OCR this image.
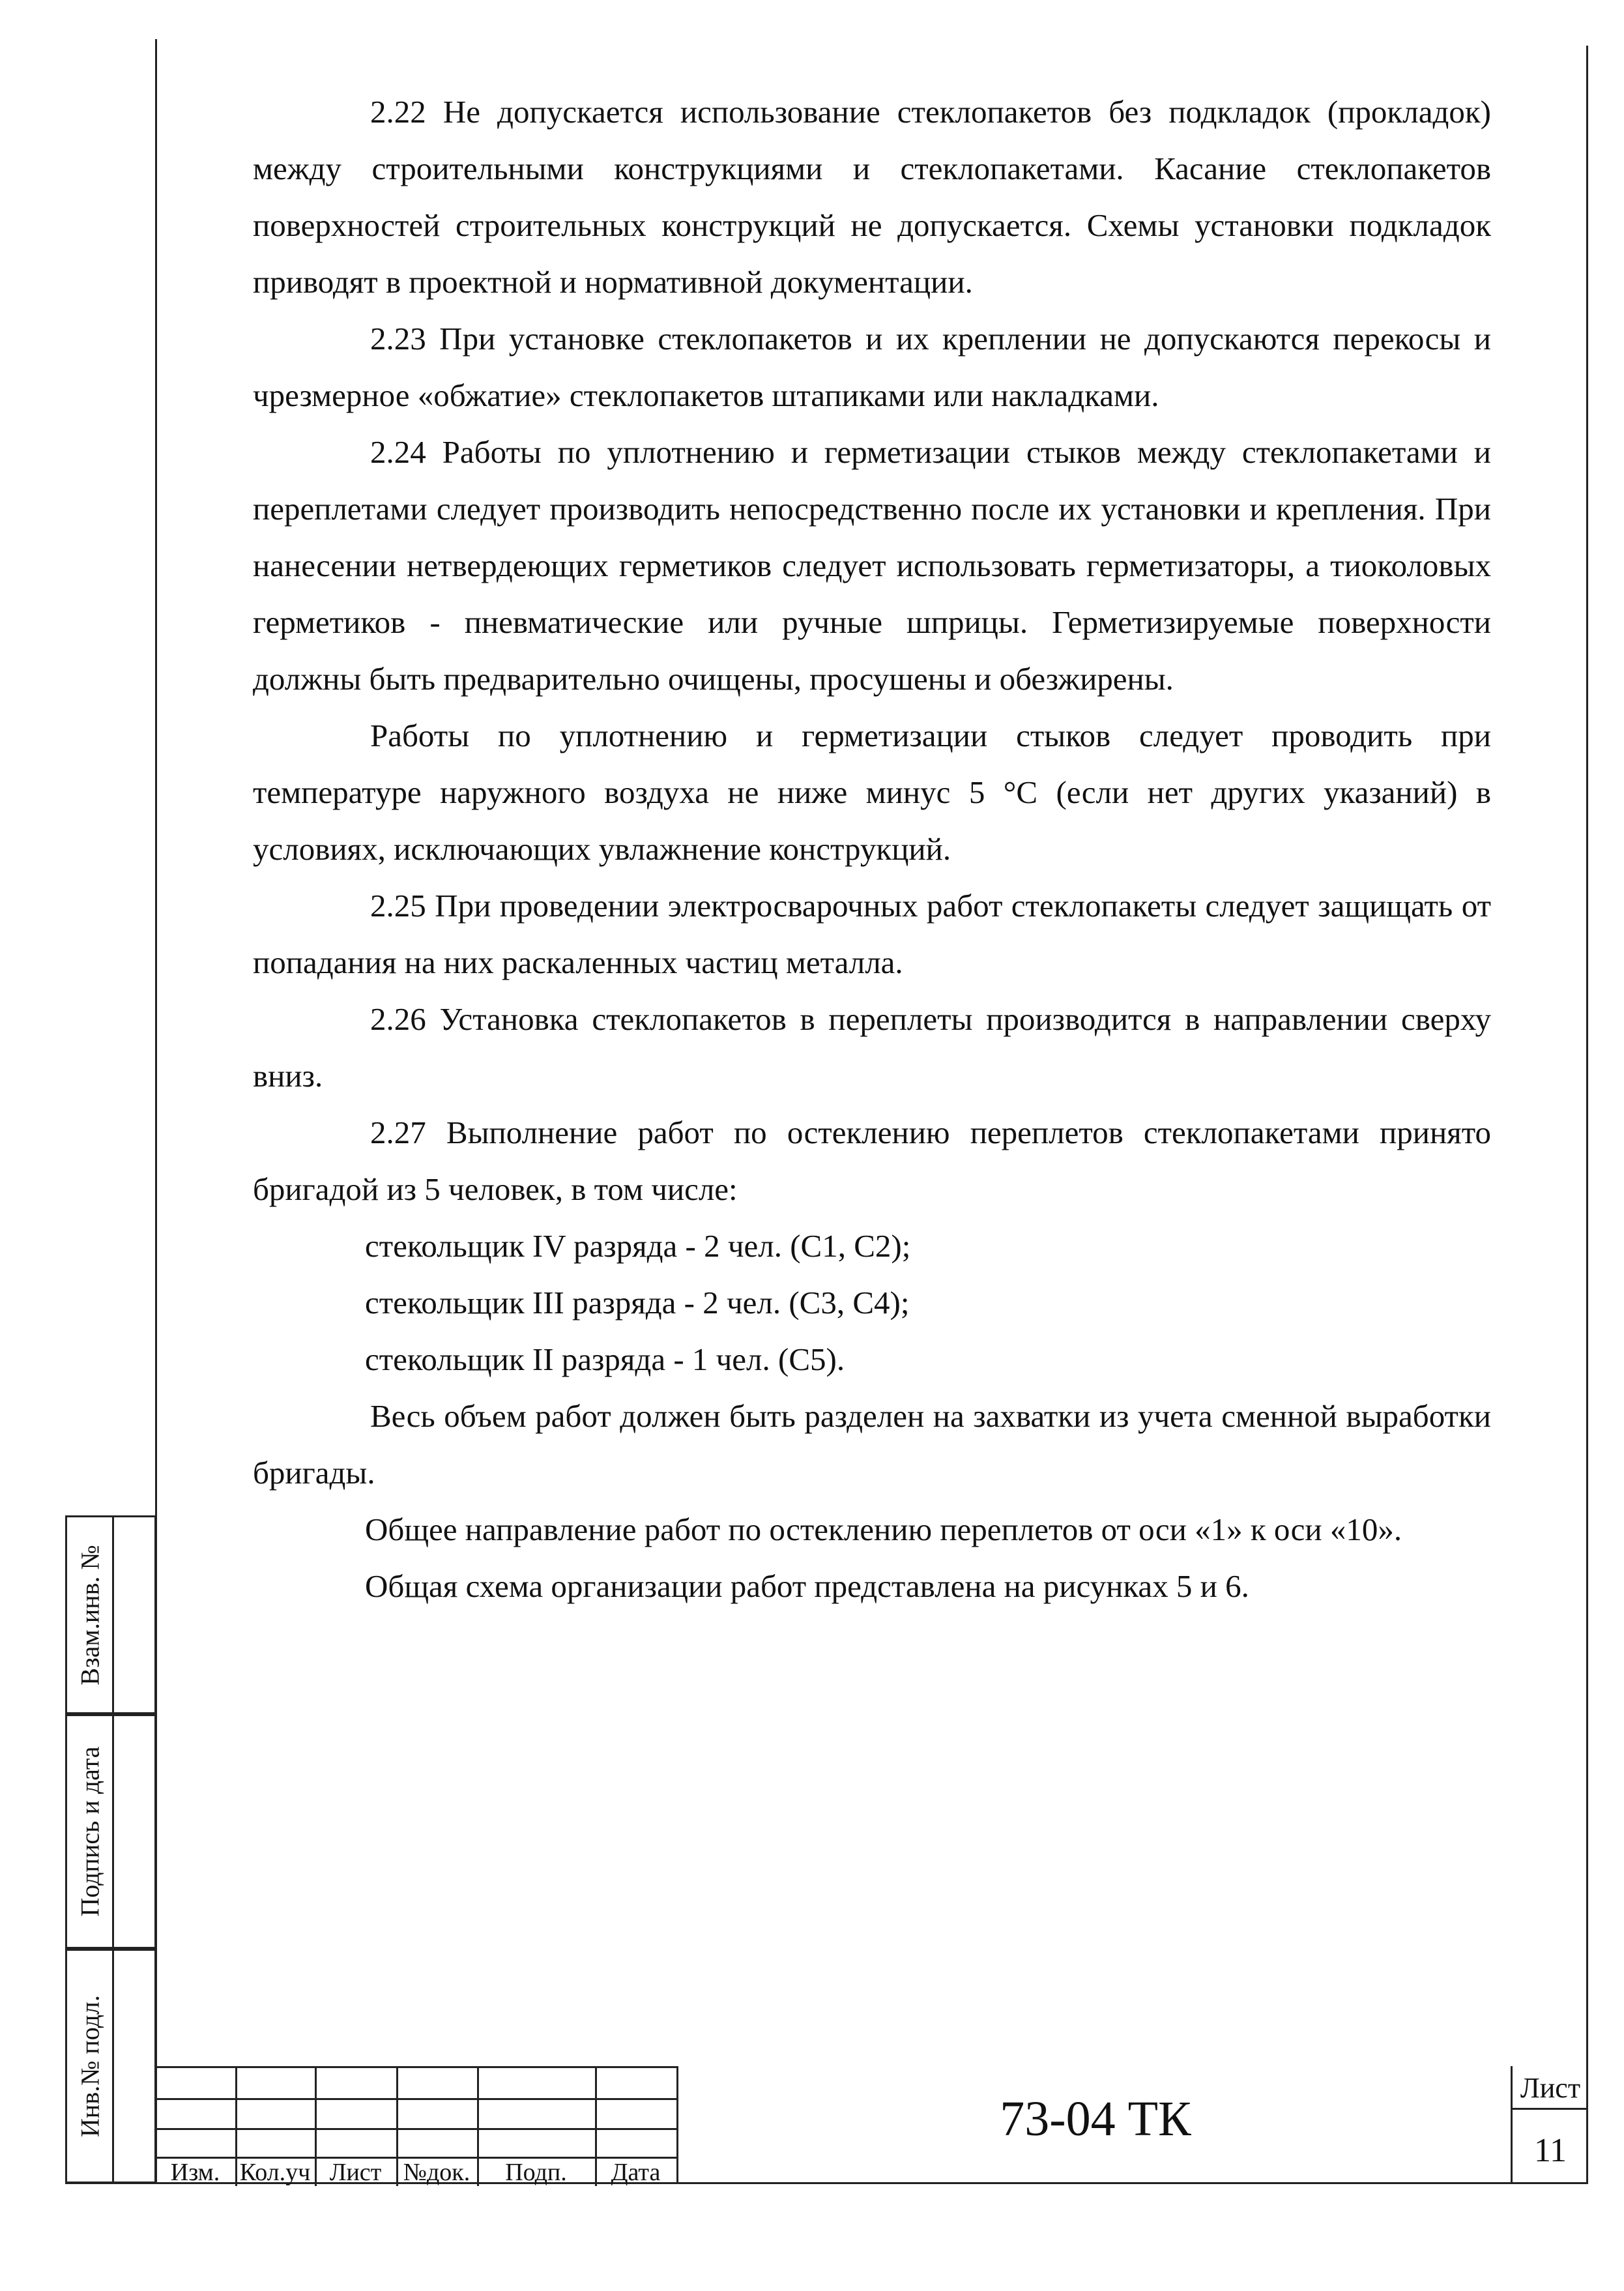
2.22 Не допускается использование стеклопакетов без подкладок (прокладок) между строительными конструкциями и стеклопакетами. Касание стеклопакетов поверхностей строительных конструкций не допускается. Схемы установки подкладок приводят в проектной и нормативной документации.

2.23 При установке стеклопакетов и их креплении не допускаются перекосы и чрезмерное «обжатие» стеклопакетов штапиками или накладками.

2.24 Работы по уплотнению и герметизации стыков между стеклопакетами и переплетами следует производить непосредственно после их установки и крепления. При нанесении нетвердеющих герметиков следует использовать герметизаторы, а тиоколовых герметиков - пневматические или ручные шприцы. Герметизируемые поверхности должны быть предварительно очищены, просушены и обезжирены.

Работы по уплотнению и герметизации стыков следует проводить при температуре наружного воздуха не ниже минус 5 °С (если нет других указаний) в условиях, исключающих увлажнение конструкций.

2.25 При проведении электросварочных работ стеклопакеты следует защищать от попадания на них раскаленных частиц металла.

2.26 Установка стеклопакетов в переплеты производится в направлении сверху вниз.

2.27 Выполнение работ по остеклению переплетов стеклопакетами принято бригадой из 5 человек, в том числе:

стекольщик IV разряда - 2 чел. (С1, С2);

стекольщик III разряда - 2 чел. (С3, С4);

стекольщик II разряда - 1 чел. (С5).

Весь объем работ должен быть разделен на захватки из учета сменной выработки бригады.

Общее направление работ по остеклению переплетов от оси «1» к оси «10».

Общая схема организации работ представлена на рисунках 5 и 6.

Взам.инв. №
Подпись и дата
Инв.№ подл.
Изм. Кол.уч Лист №док.	Подп.	Дата
73-04 ТК
Лист
11
